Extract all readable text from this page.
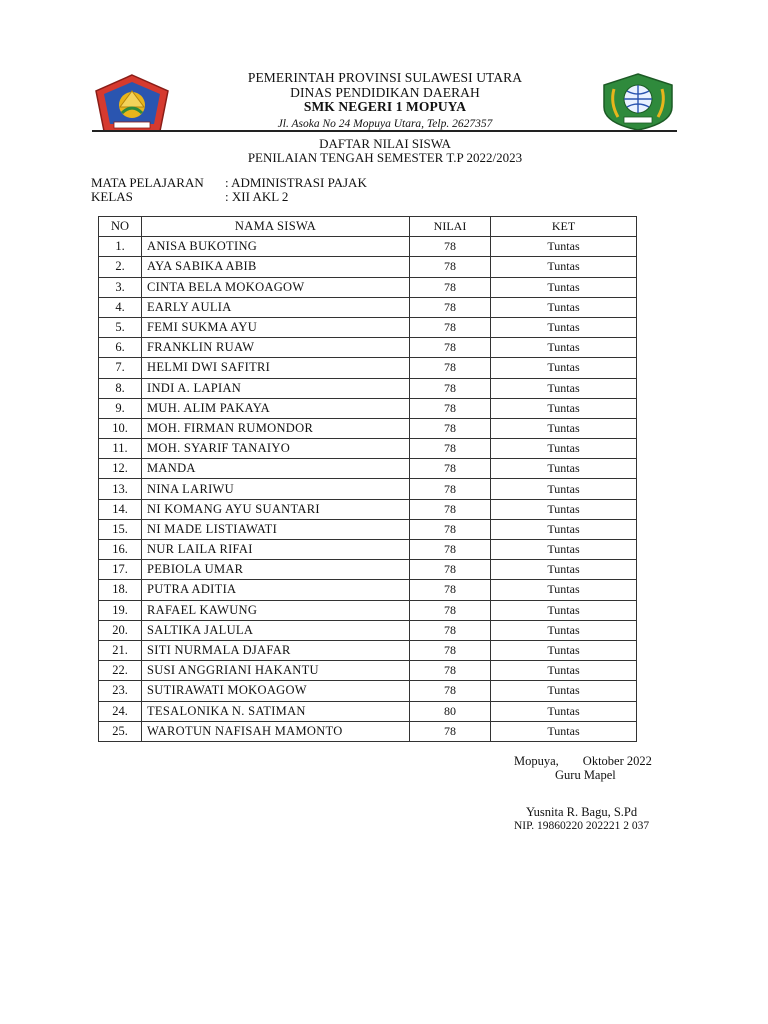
PEMERINTAH PROVINSI SULAWESI UTARA
DINAS PENDIDIKAN DAERAH
SMK NEGERI 1 MOPUYA
Jl. Asoka No 24 Mopuya Utara, Telp. 2627357
DAFTAR NILAI SISWA
PENILAIAN TENGAH SEMESTER T.P 2022/2023
MATA PELAJARAN	: ADMINISTRASI PAJAK
KELAS	: XII AKL 2
NO	NAMA SISWA	NILAI	KET
1.	ANISA BUKOTING	78	Tuntas
2.	AYA SABIKA ABIB	78	Tuntas
3.	CINTA BELA MOKOAGOW	78	Tuntas
4.	EARLY AULIA	78	Tuntas
5.	FEMI SUKMA AYU	78	Tuntas
6.	FRANKLIN RUAW	78	Tuntas
7.	HELMI DWI SAFITRI	78	Tuntas
8.	INDI A. LAPIAN	78	Tuntas
9.	MUH. ALIM PAKAYA	78	Tuntas
10.	MOH. FIRMAN RUMONDOR	78	Tuntas
11.	MOH. SYARIF TANAIYO	78	Tuntas
12.	MANDA	78	Tuntas
13.	NINA LARIWU	78	Tuntas
14.	NI KOMANG AYU SUANTARI	78	Tuntas
15.	NI MADE LISTIAWATI	78	Tuntas
16.	NUR LAILA RIFAI	78	Tuntas
17.	PEBIOLA UMAR	78	Tuntas
18.	PUTRA ADITIA	78	Tuntas
19.	RAFAEL KAWUNG	78	Tuntas
20.	SALTIKA JALULA	78	Tuntas
21.	SITI NURMALA DJAFAR	78	Tuntas
22.	SUSI ANGGRIANI HAKANTU	78	Tuntas
23.	SUTIRAWATI MOKOAGOW	78	Tuntas
24.	TESALONIKA N. SATIMAN	80	Tuntas
25.	WAROTUN NAFISAH MAMONTO	78	Tuntas
Mopuya, Oktober 2022
Guru Mapel
Yusnita R. Bagu, S.Pd
NIP. 19860220 202221 2 037
